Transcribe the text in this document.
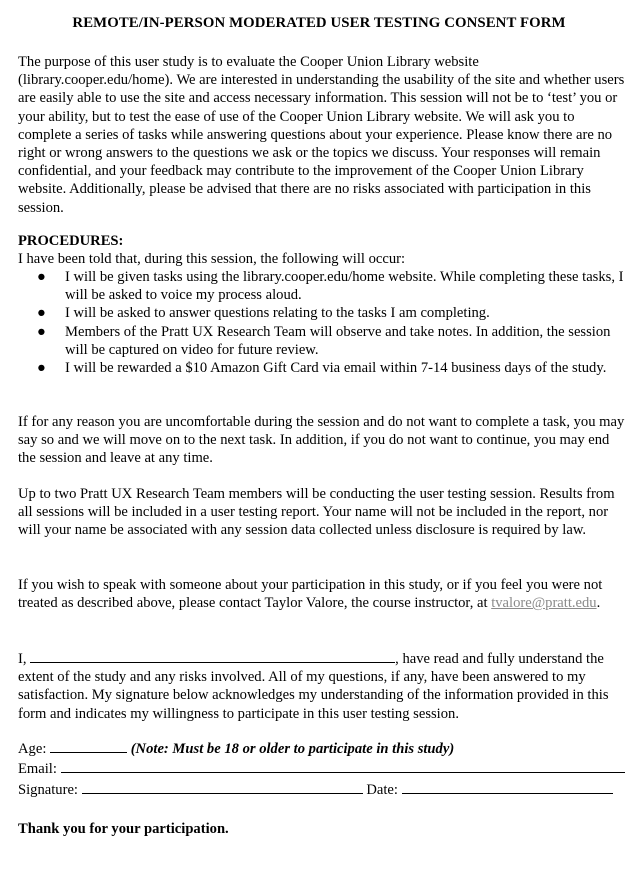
REMOTE/IN-PERSON MODERATED USER TESTING CONSENT FORM

The purpose of this user study is to evaluate the Cooper Union Library website (library.cooper.edu/home). We are interested in understanding the usability of the site and whether users are easily able to use the site and access necessary information. This session will not be to ‘test’ you or your ability, but to test the ease of use of the Cooper Union Library website. We will ask you to complete a series of tasks while answering questions about your experience. Please know there are no right or wrong answers to the questions we ask or the topics we discuss. Your responses will remain confidential, and your feedback may contribute to the improvement of the Cooper Union Library website. Additionally, please be advised that there are no risks associated with participation in this session.

PROCEDURES:
I have been told that, during this session, the following will occur:
● I will be given tasks using the library.cooper.edu/home website. While completing these tasks, I will be asked to voice my process aloud.
● I will be asked to answer questions relating to the tasks I am completing.
● Members of the Pratt UX Research Team will observe and take notes. In addition, the session will be captured on video for future review.
● I will be rewarded a $10 Amazon Gift Card via email within 7-14 business days of the study.

If for any reason you are uncomfortable during the session and do not want to complete a task, you may say so and we will move on to the next task. In addition, if you do not want to continue, you may end the session and leave at any time.

Up to two Pratt UX Research Team members will be conducting the user testing session. Results from all sessions will be included in a user testing report. Your name will not be included in the report, nor will your name be associated with any session data collected unless disclosure is required by law.

If you wish to speak with someone about your participation in this study, or if you feel you were not treated as described above, please contact Taylor Valore, the course instructor, at tvalore@pratt.edu.

I,	, have read and fully understand the extent of the study and any risks involved. All of my questions, if any, have been answered to my satisfaction. My signature below acknowledges my understanding of the information provided in this form and indicates my willingness to participate in this user testing session.

Age:	(Note: Must be 18 or older to participate in this study)
Email:
Signature:	Date:
Thank you for your participation.
